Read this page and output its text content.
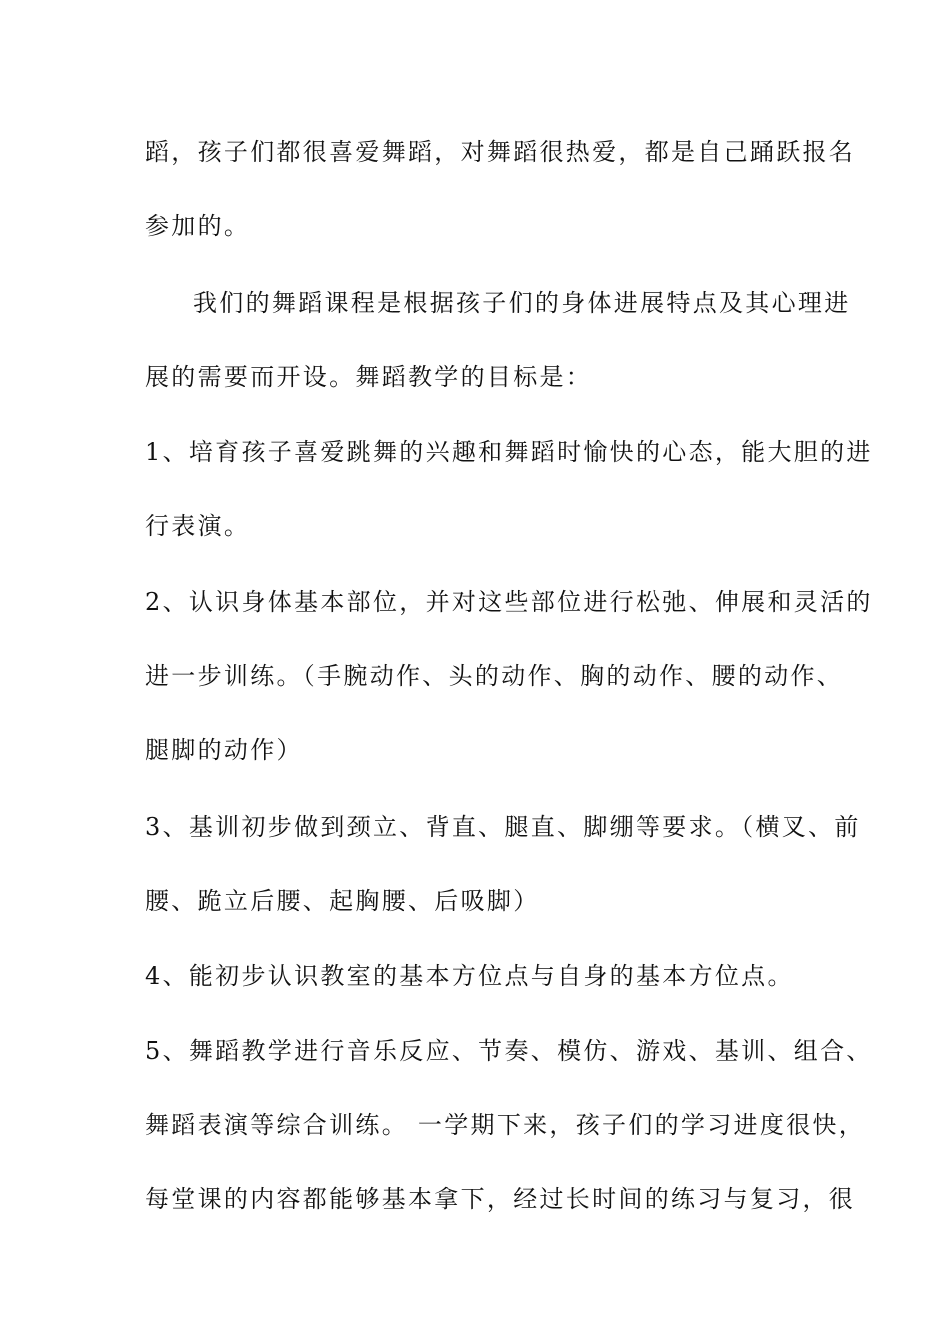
蹈，孩子们都很喜爱舞蹈，对舞蹈很热爱，都是自己踊跃报名
参加的。
我们的舞蹈课程是根据孩子们的身体进展特点及其心理进
展的需要而开设。舞蹈教学的目标是：
1、培育孩子喜爱跳舞的兴趣和舞蹈时愉快的心态，能大胆的进
行表演。
2、认识身体基本部位，并对这些部位进行松弛、伸展和灵活的
进一步训练。（手腕动作、头的动作、胸的动作、腰的动作、
腿脚的动作）
3、基训初步做到颈立、背直、腿直、脚绷等要求。（横叉、前
腰、跪立后腰、起胸腰、后吸脚）
4、能初步认识教室的基本方位点与自身的基本方位点。
5、舞蹈教学进行音乐反应、节奏、模仿、游戏、基训、组合、
舞蹈表演等综合训练。 一学期下来，孩子们的学习进度很快，
每堂课的内容都能够基本拿下，经过长时间的练习与复习，很
